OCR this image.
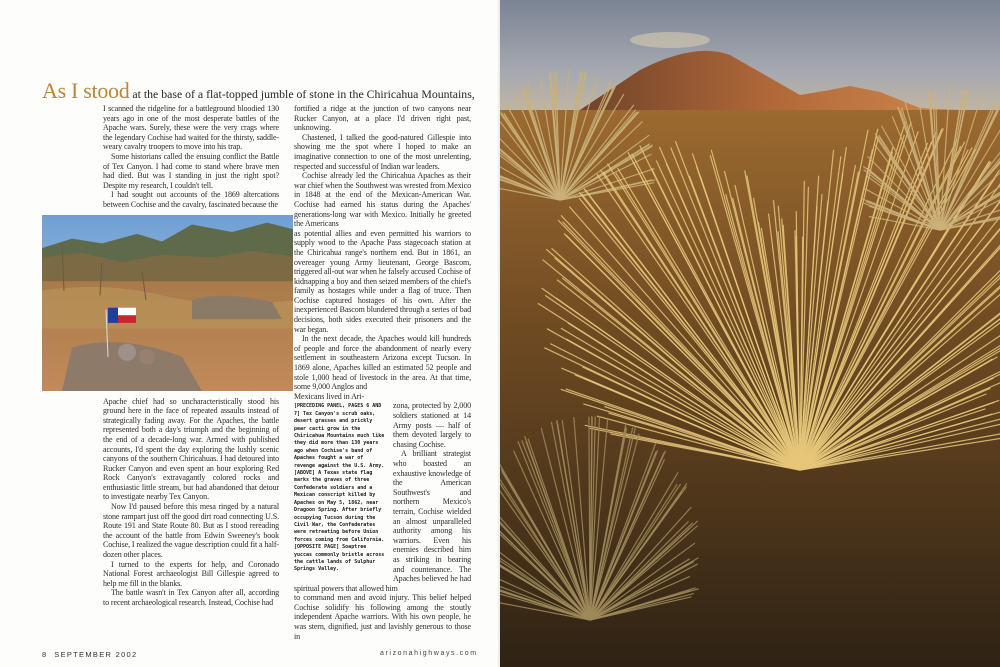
As I stood at the base of a flat-topped jumble of stone in the Chiricahua Mountains,

I scanned the ridgeline for a battleground bloodied 130 years ago in one of the most desperate battles of the Apache wars. Surely, these were the very crags where the legendary Cochise had waited for the thirsty, saddle-weary cavalry troopers to move into his trap.

Some historians called the ensuing conflict the Battle of Tex Canyon. I had come to stand where brave men had died. But was I standing in just the right spot? Despite my research, I couldn't tell.

I had sought out accounts of the 1869 altercations between Cochise and the cavalry, fascinated because the

Apache chief had so uncharacteristically stood his ground here in the face of repeated assaults instead of strategically fading away. For the Apaches, the battle represented both a day's triumph and the beginning of the end of a decade-long war. Armed with published accounts, I'd spent the day exploring the lushly scenic canyons of the southern Chiricahuas. I had detoured into Rucker Canyon and even spent an hour exploring Red Rock Canyon's extravagantly colored rocks and enthusiastic little stream, but had abandoned that detour to investigate nearby Tex Canyon.

Now I'd paused before this mesa ringed by a natural stone rampart just off the good dirt road connecting U.S. Route 191 and State Route 80. But as I stood rereading the account of the battle from Edwin Sweeney's book Cochise, I realized the vague description could fit a half-dozen other places.

I turned to the experts for help, and Coronado National Forest archaeologist Bill Gillespie agreed to help me fill in the blanks.

The battle wasn't in Tex Canyon after all, according to recent archaeological research. Instead, Cochise had

fortified a ridge at the junction of two canyons near Rucker Canyon, at a place I'd driven right past, unknowing.

Chastened, I talked the good-natured Gillespie into showing me the spot where I hoped to make an imaginative connection to one of the most unrelenting, respected and successful of Indian war leaders.

Cochise already led the Chiricahua Apaches as their war chief when the Southwest was wrested from Mexico in 1848 at the end of the Mexican-American War. Cochise had earned his status during the Apaches' generations-long war with Mexico. Initially he greeted the Americans

as potential allies and even permitted his warriors to supply wood to the Apache Pass stagecoach station at the Chiricahua range's northern end. But in 1861, an overeager young Army lieutenant, George Bascom, triggered all-out war when he falsely accused Cochise of kidnapping a boy and then seized members of the chief's family as hostages while under a flag of truce. Then Cochise captured hostages of his own. After the inexperienced Bascom blundered through a series of bad decisions, both sides executed their prisoners and the war began.

In the next decade, the Apaches would kill hundreds of people and force the abandonment of nearly every settlement in southeastern Arizona except Tucson. In 1869 alone, Apaches killed an estimated 52 people and stole 1,000 head of livestock in the area. At that time, some 9,000 Anglos and

Mexicans lived in Ari-

[PRECEDING PANEL, PAGES 6 AND 7] Tex Canyon's scrub oaks, desert grasses and prickly pear cacti grow in the Chiricahua Mountains much like they did more than 130 years ago when Cochise's band of Apaches fought a war of revenge against the U.S. Army.

[ABOVE] A Texas state flag marks the graves of three Confederate soldiers and a Mexican conscript killed by Apaches on May 5, 1862, near Dragoon Spring. After briefly occupying Tucson during the Civil War, the Confederates were retreating before Union forces coming from California.

[OPPOSITE PAGE] Soaptree yuccas commonly bristle across the cattle lands of Sulphur Springs Valley.

zona, protected by 2,000 soldiers stationed at 14 Army posts — half of them devoted largely to chasing Cochise.

A brilliant strategist who boasted an exhaustive knowledge of the American Southwest's and northern Mexico's terrain, Cochise wielded an almost unparalleled authority among his warriors. Even his enemies described him as striking in bearing and countenance. The Apaches believed he had spiritual powers that allowed him

to command men and avoid injury. This belief helped Cochise solidify his following among the stoutly independent Apache warriors. With his own people, he was stern, dignified, just and lavishly generous to those in

8 SEPTEMBER 2002	arizonahighways.com
